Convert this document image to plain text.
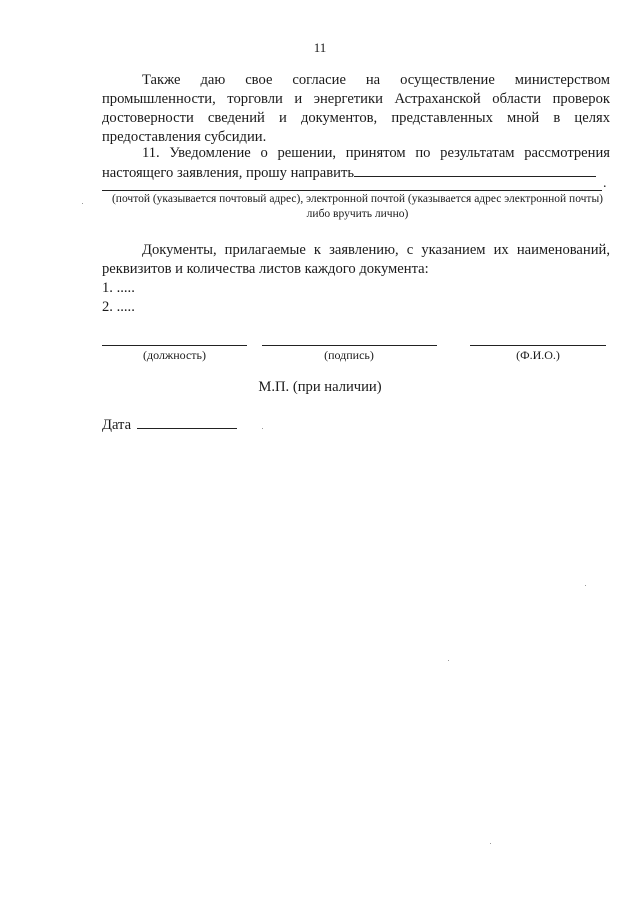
11

Также даю свое согласие на осуществление министерством промышленности, торговли и энергетики Астраханской области проверок достоверности сведений и документов, представленных мной в целях предоставления субсидии.

11. Уведомление о решении, принятом по результатам рассмотрения настоящего заявления, прошу направить

.
(почтой (указывается почтовый адрес), электронной почтой (указывается адрес электронной почты) либо вручить лично)

Документы, прилагаемые к заявлению, с указанием их наименований, реквизитов и количества листов каждого документа:

1. .....
2. .....
(должность)	(подпись)	(Ф.И.О.)
М.П. (при наличии)
Дата
